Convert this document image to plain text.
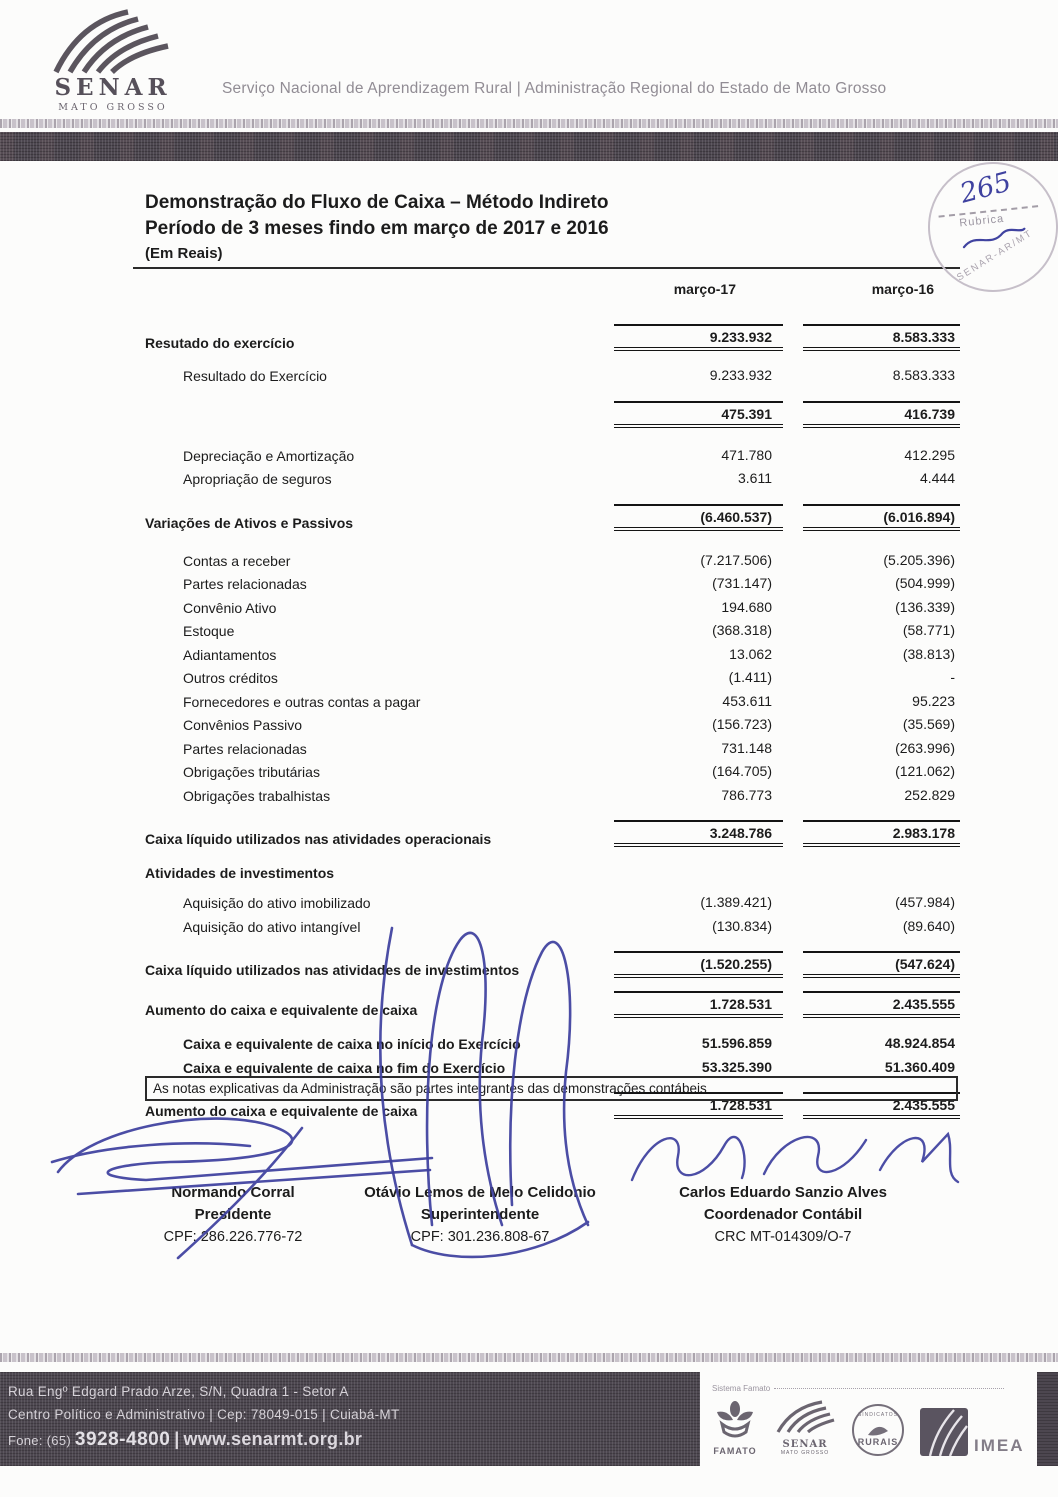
SENAR
MATO GROSSO
Serviço Nacional de Aprendizagem Rural | Administração Regional do Estado de Mato Grosso
265
Rubrica
SENAR-AR/MT
Demonstração do Fluxo de Caixa – Método Indireto
Período de 3 meses findo em março de 2017 e 2016
(Em Reais)
março-17	março-16
Resutado do exercício	9.233.932	8.583.333
Resultado do Exercício	9.233.932	8.583.333
475.391	416.739
Depreciação e Amortização	471.780	412.295
Apropriação de seguros	3.611	4.444
Variações de Ativos e Passivos	(6.460.537)	(6.016.894)
Contas a receber	(7.217.506)	(5.205.396)
Partes relacionadas	(731.147)	(504.999)
Convênio Ativo	194.680	(136.339)
Estoque	(368.318)	(58.771)
Adiantamentos	13.062	(38.813)
Outros créditos	(1.411)	-
Fornecedores e outras contas a pagar	453.611	95.223
Convênios Passivo	(156.723)	(35.569)
Partes relacionadas	731.148	(263.996)
Obrigações tributárias	(164.705)	(121.062)
Obrigações trabalhistas	786.773	252.829
Caixa líquido utilizados nas atividades operacionais	3.248.786	2.983.178
Atividades de investimentos
Aquisição do ativo imobilizado	(1.389.421)	(457.984)
Aquisição do ativo intangível	(130.834)	(89.640)
Caixa líquido utilizados nas atividades de investimentos	(1.520.255)	(547.624)
Aumento do caixa e equivalente de caixa	1.728.531	2.435.555
Caixa e equivalente de caixa no início do Exercício	51.596.859	48.924.854
Caixa e equivalente de caixa no fim do Exercício	53.325.390	51.360.409
Aumento do caixa e equivalente de caixa	1.728.531	2.435.555
As notas explicativas da Administração são partes integrantes das demonstrações contábeis
Normando Corral
Presidente
CPF: 286.226.776-72
Otávio Lemos de Melo Celidonio
Superintendente
CPF: 301.236.808-67
Carlos Eduardo Sanzio Alves
Coordenador Contábil
CRC MT-014309/O-7
Rua Engº Edgard Prado Arze, S/N, Quadra 1 - Setor A
Centro Político e Administrativo | Cep: 78049-015 | Cuiabá-MT
Fone: (65) 3928-4800 | www.senarmt.org.br
Sistema Famato
FAMATO
SENAR
MATO GROSSO
SINDICATOS
RURAIS	IMEA
